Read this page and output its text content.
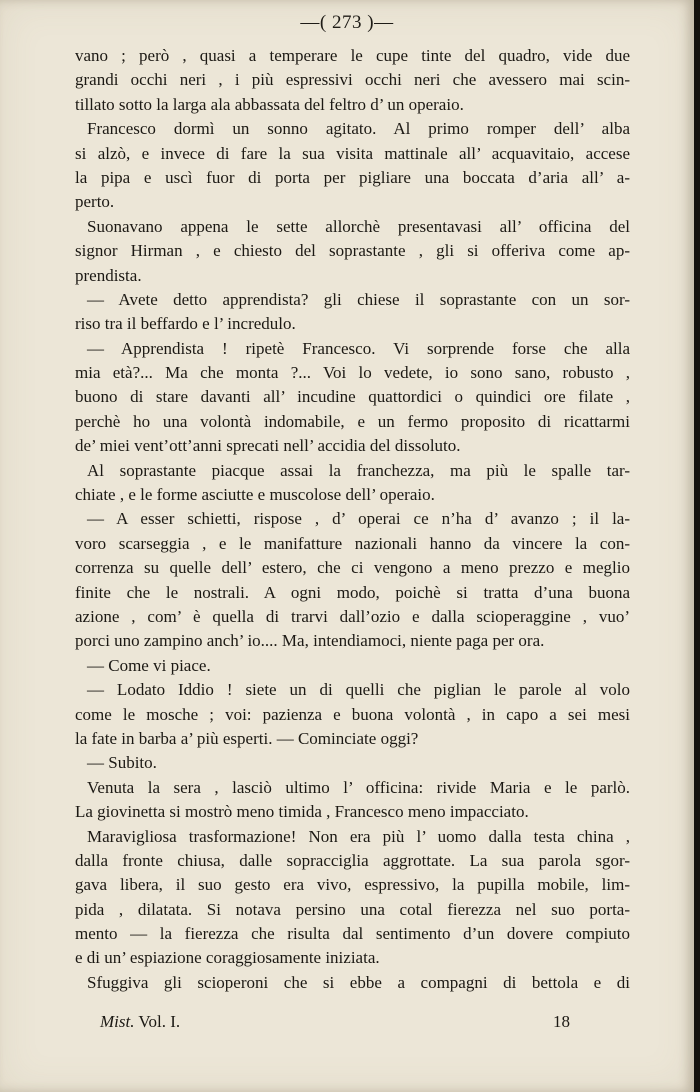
—( 273 )—
vano ; però , quasi a temperare le cupe tinte del quadro, vide due
grandi occhi neri , i più espressivi occhi neri che avessero mai scin-
tillato sotto la larga ala abbassata del feltro d’ un operaio.
Francesco dormì un sonno agitato. Al primo romper dell’ alba
si alzò, e invece di fare la sua visita mattinale all’ acquavitaio, accese
la pipa e uscì fuor di porta per pigliare una boccata d’aria all’ a-
perto.
Suonavano appena le sette allorchè presentavasi all’ officina del
signor Hirman , e chiesto del soprastante , gli si offeriva come ap-
prendista.
— Avete detto apprendista? gli chiese il soprastante con un sor-
riso tra il beffardo e l’ incredulo.
— Apprendista ! ripetè Francesco. Vi sorprende forse che alla
mia età?... Ma che monta ?... Voi lo vedete, io sono sano, robusto ,
buono di stare davanti all’ incudine quattordici o quindici ore filate ,
perchè ho una volontà indomabile, e un fermo proposito di ricattarmi
de’ miei vent’ott’anni sprecati nell’ accidia del dissoluto.
Al soprastante piacque assai la franchezza, ma più le spalle tar-
chiate , e le forme asciutte e muscolose dell’ operaio.
— A esser schietti, rispose , d’ operai ce n’ha d’ avanzo ; il la-
voro scarseggia , e le manifatture nazionali hanno da vincere la con-
correnza su quelle dell’ estero, che ci vengono a meno prezzo e meglio
finite che le nostrali. A ogni modo, poichè si tratta d’una buona
azione , com’ è quella di trarvi dall’ozio e dalla scioperaggine , vuo’
porci uno zampino anch’ io.... Ma, intendiamoci, niente paga per ora.
— Come vi piace.
— Lodato Iddio ! siete un di quelli che piglian le parole al volo
come le mosche ; voi: pazienza e buona volontà , in capo a sei mesi
la fate in barba a’ più esperti. — Cominciate oggi?
— Subito.
Venuta la sera , lasciò ultimo l’ officina: rivide Maria e le parlò.
La giovinetta si mostrò meno timida , Francesco meno impacciato.
Maravigliosa trasformazione! Non era più l’ uomo dalla testa china ,
dalla fronte chiusa, dalle sopracciglia aggrottate. La sua parola sgor-
gava libera, il suo gesto era vivo, espressivo, la pupilla mobile, lim-
pida , dilatata. Si notava persino una cotal fierezza nel suo porta-
mento — la fierezza che risulta dal sentimento d’un dovere compiuto
e di un’ espiazione coraggiosamente iniziata.
Sfuggiva gli scioperoni che si ebbe a compagni di bettola e di
Mist. Vol. I.	18
